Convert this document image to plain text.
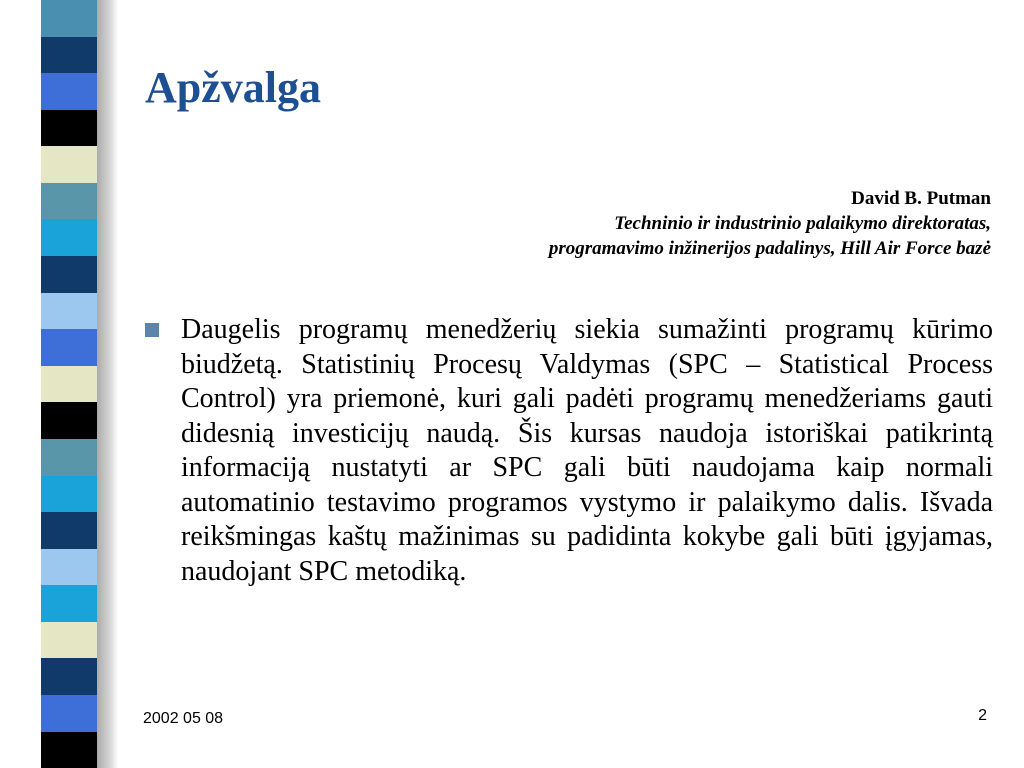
Apžvalga
David B. Putman
Techninio ir industrinio palaikymo direktoratas,
programavimo inžinerijos padalinys, Hill Air Force bazė
Daugelis programų menedžerių siekia sumažinti programų kūrimo biudžetą. Statistinių Procesų Valdymas (SPC – Statistical Process Control) yra priemonė, kuri gali padėti programų menedžeriams gauti didesnią investicijų naudą. Šis kursas naudoja istoriškai patikrintą informaciją nustatyti ar SPC gali būti naudojama kaip normali automatinio testavimo programos vystymo ir palaikymo dalis. Išvada reikšmingas kaštų mažinimas su padidinta kokybe gali būti įgyjamas, naudojant SPC metodiką.
2002 05 08	2
